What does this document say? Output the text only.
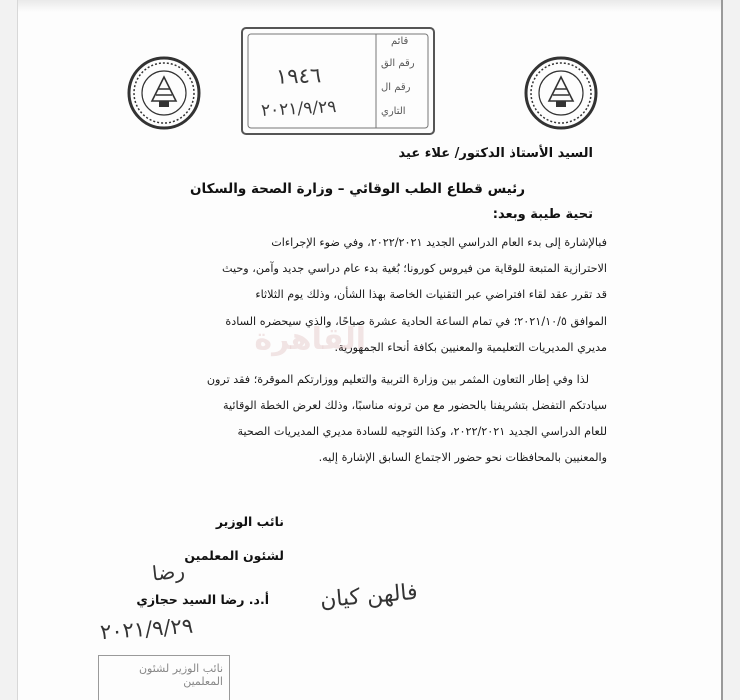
قائم
رقم الق
رقم ال
التاري
١٩٤٦
٢٠٢١/٩/٢٩
السيد الأستاذ الدكتور/ علاء عيد
رئيس قطاع الطب الوقائي – وزارة الصحة والسكان
تحية طيبة وبعد:
فبالإشارة إلى بدء العام الدراسي الجديد ٢٠٢٢/٢٠٢١، وفي ضوء الإجراءات
الاحترازية المتبعة للوقاية من فيروس كورونا؛ بُغية بدء عام دراسي جديد وآمن، وحيث
قد تقرر عقد لقاء افتراضي عبر التقنيات الخاصة بهذا الشأن، وذلك يوم الثلاثاء
الموافق ٢٠٢١/١٠/٥؛ في تمام الساعة الحادية عشرة صباحًا، والذي سيحضره السادة
مديري المديريات التعليمية والمعنيين بكافة أنحاء الجمهورية.
لذا وفي إطار التعاون المثمر بين وزارة التربية والتعليم ووزارتكم الموقرة؛ فقد ترون
سيادتكم التفضل بتشريفنا بالحضور مع من ترونه مناسبًا، وذلك لعرض الخطة الوقائية
للعام الدراسي الجديد ٢٠٢٢/٢٠٢١، وكذا التوجيه للسادة مديري المديريات الصحية
والمعنيين بالمحافظات نحو حضور الاجتماع السابق الإشارة إليه.
القاهرة
نائب الوزير
لشئون المعلمين
رضا
أ.د. رضا السيد حجازي
٢٠٢١/٩/٢٩
فالهن كيان
نائب الوزير لشئون المعلمين
